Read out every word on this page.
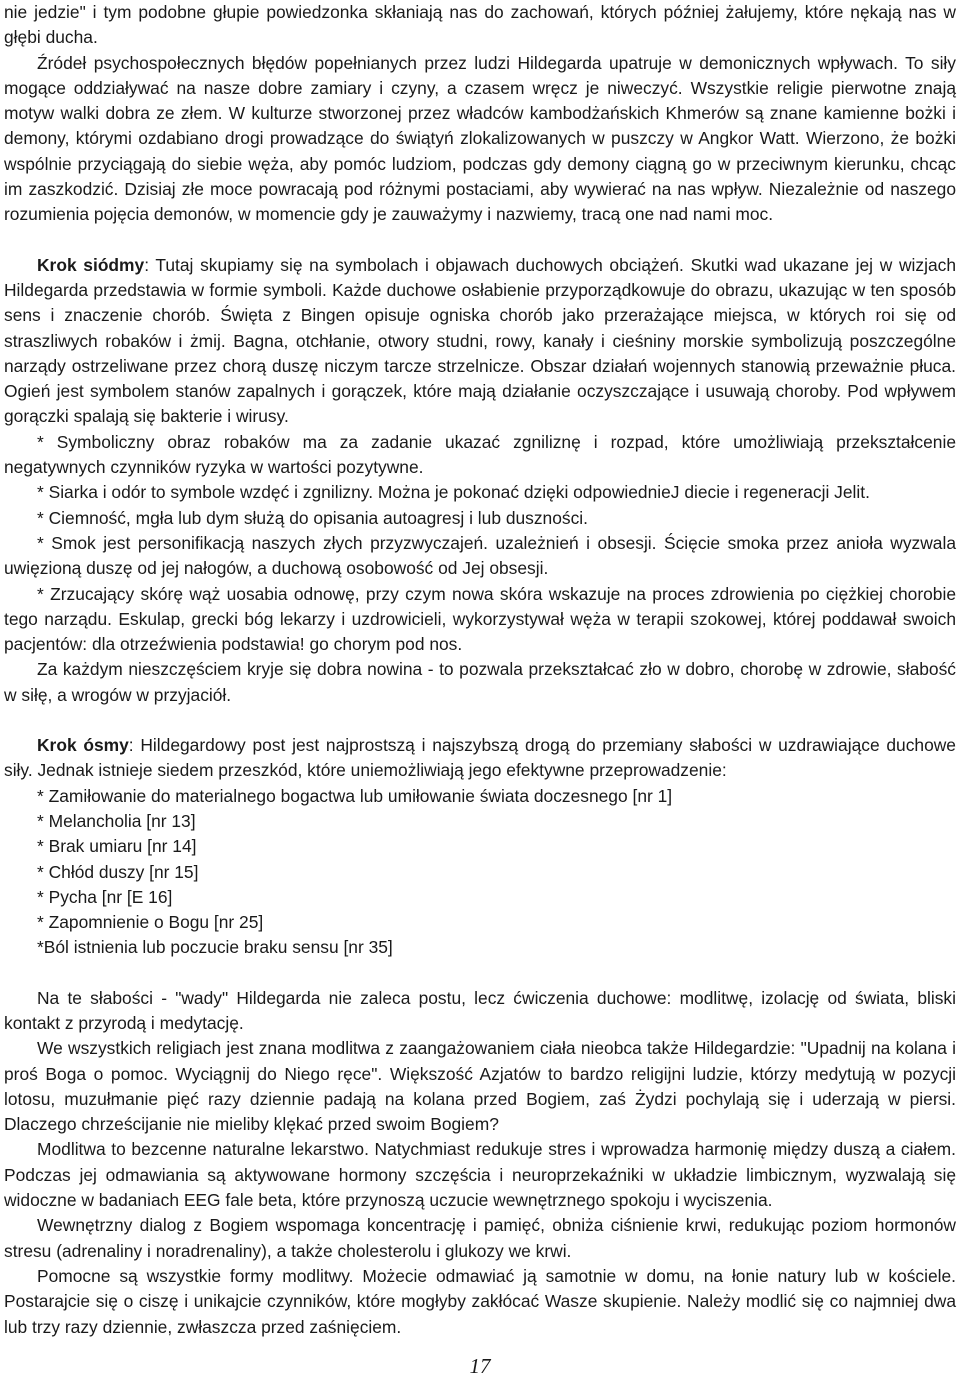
nie jedzie" i tym podobne głupie powiedzonka skłaniają nas do zachowań, których później żałujemy, które nękają nas w głębi ducha.

Źródeł psychospołecznych błędów popełnianych przez ludzi Hildegarda upatruje w demonicznych wpływach. To siły mogące oddziaływać na nasze dobre zamiary i czyny, a czasem wręcz je niweczyć. Wszystkie religie pierwotne znają motyw walki dobra ze złem. W kulturze stworzonej przez władców kambodżańskich Khmerów są znane kamienne bożki i demony, którymi ozdabiano drogi prowadzące do świątyń zlokalizowanych w puszczy w Angkor Watt. Wierzono, że bożki wspólnie przyciągają do siebie węża, aby pomóc ludziom, podczas gdy demony ciągną go w przeciwnym kierunku, chcąc im zaszkodzić. Dzisiaj złe moce powracają pod różnymi postaciami, aby wywierać na nas wpływ. Niezależnie od naszego rozumienia pojęcia demonów, w momencie gdy je zauważymy i nazwiemy, tracą one nad nami moc.

Krok siódmy: Tutaj skupiamy się na symbolach i objawach duchowych obciążeń. Skutki wad ukazane jej w wizjach Hildegarda przedstawia w formie symboli. Każde duchowe osłabienie przyporządkowuje do obrazu, ukazując w ten sposób sens i znaczenie chorób. Święta z Bingen opisuje ogniska chorób jako przerażające miejsca, w których roi się od straszliwych robaków i żmij. Bagna, otchłanie, otwory studni, rowy, kanały i cieśniny morskie symbolizują poszczególne narządy ostrzeliwane przez chorą duszę niczym tarcze strzelnicze. Obszar działań wojennych stanowią przeważnie płuca. Ogień jest symbolem stanów zapalnych i gorączek, które mają działanie oczyszczające i usuwają choroby. Pod wpływem gorączki spalają się bakterie i wirusy.

* Symboliczny obraz robaków ma za zadanie ukazać zgniliznę i rozpad, które umożliwiają przekształcenie negatywnych czynników ryzyka w wartości pozytywne.

* Siarka i odór to symbole wzdęć i zgnilizny. Można je pokonać dzięki odpowiednieJ diecie i regeneracji Jelit.

* Ciemność, mgła lub dym służą do opisania autoagresj i lub duszności.

* Smok jest personifikacją naszych złych przyzwyczajeń. uzależnień i obsesji. Ścięcie smoka przez anioła wyzwala uwięzioną duszę od jej nałogów, a duchową osobowość od Jej obsesji.

* Zrzucający skórę wąż uosabia odnowę, przy czym nowa skóra wskazuje na proces zdrowienia po ciężkiej chorobie tego narządu. Eskulap, grecki bóg lekarzy i uzdrowicieli, wykorzystywał węża w terapii szokowej, której poddawał swoich pacjentów: dla otrzeźwienia podstawia! go chorym pod nos.

Za każdym nieszczęściem kryje się dobra nowina - to pozwala przekształcać zło w dobro, chorobę w zdrowie, słabość w siłę, a wrogów w przyjaciół.

Krok ósmy: Hildegardowy post jest najprostszą i najszybszą drogą do przemiany słabości w uzdrawiające duchowe siły. Jednak istnieje siedem przeszkód, które uniemożliwiają jego efektywne przeprowadzenie:

* Zamiłowanie do materialnego bogactwa lub umiłowanie świata doczesnego [nr 1]

* Melancholia [nr 13]

* Brak umiaru [nr 14]

* Chłód duszy [nr 15]

* Pycha [nr [E 16]

* Zapomnienie o Bogu [nr 25]

*Ból istnienia lub poczucie braku sensu [nr 35]

Na te słabości - "wady" Hildegarda nie zaleca postu, lecz ćwiczenia duchowe: modlitwę, izolację od świata, bliski kontakt z przyrodą i medytację.

We wszystkich religiach jest znana modlitwa z zaangażowaniem ciała nieobca także Hildegardzie: "Upadnij na kolana i proś Boga o pomoc. Wyciągnij do Niego ręce". Większość Azjatów to bardzo religijni ludzie, którzy medytują w pozycji lotosu, muzułmanie pięć razy dziennie padają na kolana przed Bogiem, zaś Żydzi pochylają się i uderzają w piersi. Dlaczego chrześcijanie nie mieliby klękać przed swoim Bogiem?

Modlitwa to bezcenne naturalne lekarstwo. Natychmiast redukuje stres i wprowadza harmonię między duszą a ciałem. Podczas jej odmawiania są aktywowane hormony szczęścia i neuroprzekaźniki w układzie limbicznym, wyzwalają się widoczne w badaniach EEG fale beta, które przynoszą uczucie wewnętrznego spokoju i wyciszenia.

Wewnętrzny dialog z Bogiem wspomaga koncentrację i pamięć, obniża ciśnienie krwi, redukując poziom hormonów stresu (adrenaliny i noradrenaliny), a także cholesterolu i glukozy we krwi.

Pomocne są wszystkie formy modlitwy. Możecie odmawiać ją samotnie w domu, na łonie natury lub w kościele. Postarajcie się o ciszę i unikajcie czynników, które mogłyby zakłócać Wasze skupienie. Należy modlić się co najmniej dwa lub trzy razy dziennie, zwłaszcza przed zaśnięciem.

17
